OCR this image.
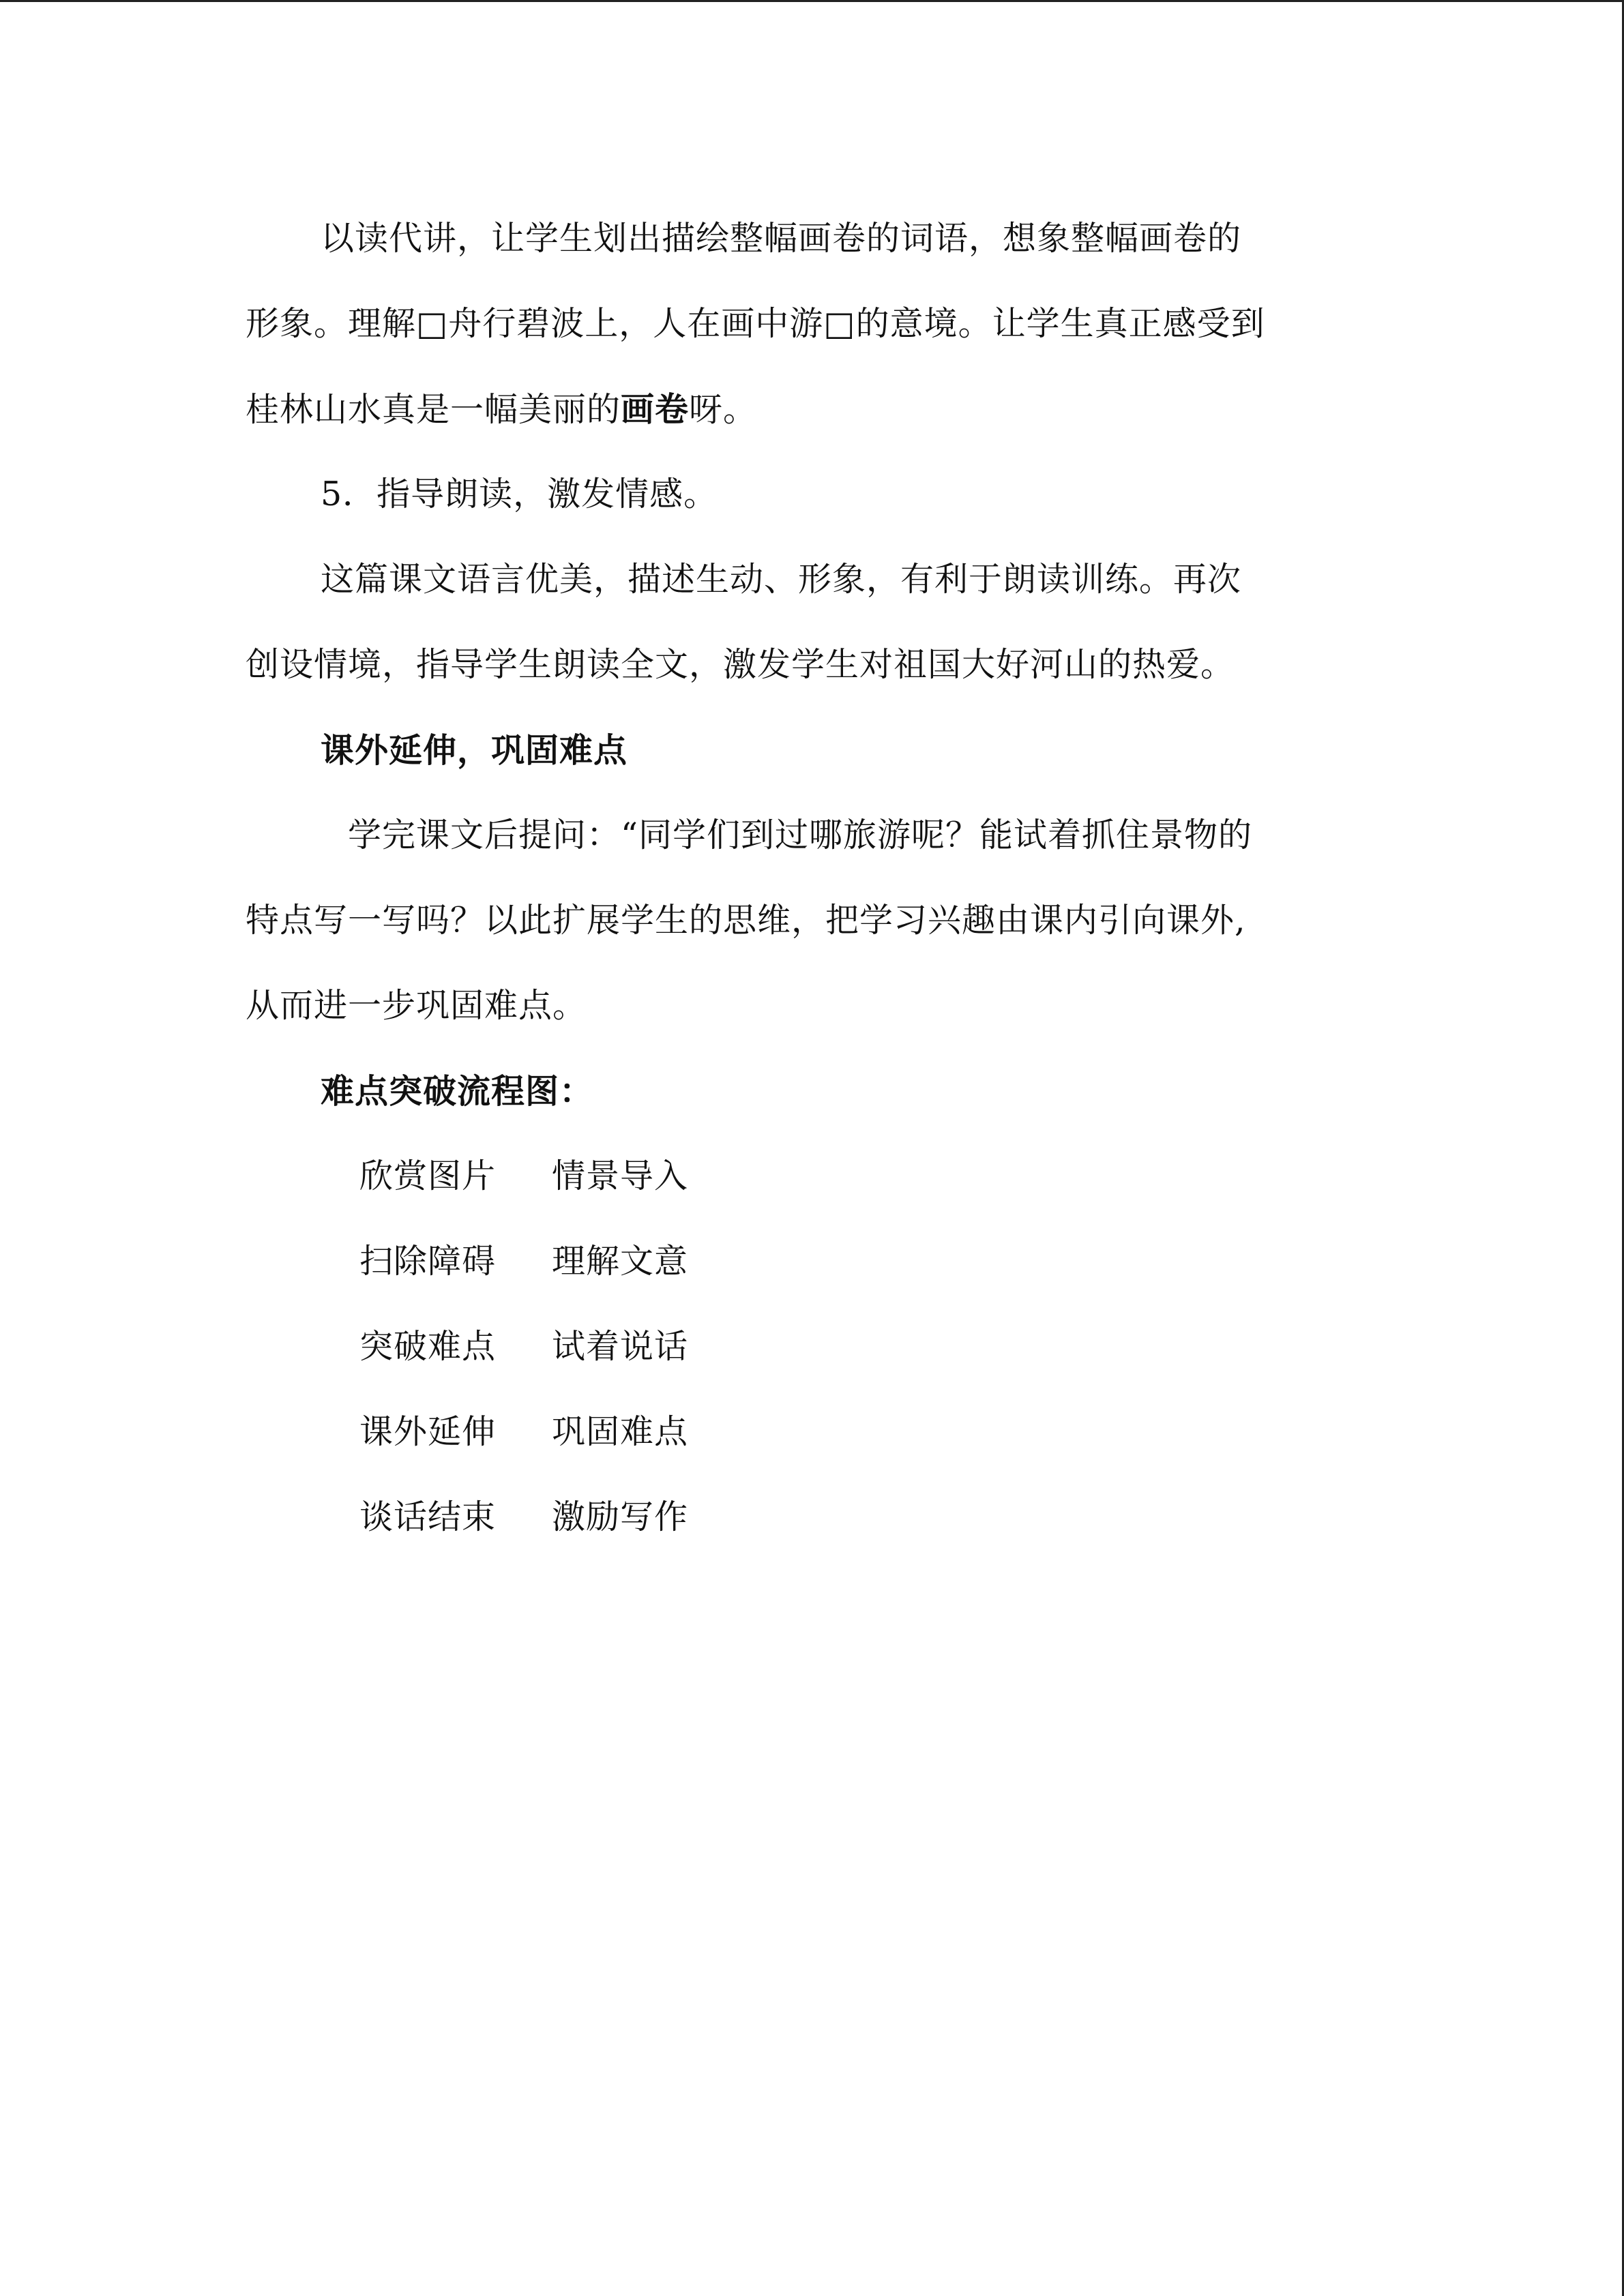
以读代讲，让学生划出描绘整幅画卷的词语，想象整幅画卷的
形象。理解□舟行碧波上，人在画中游□的意境。让学生真正感受到
桂林山水真是一幅美丽的画卷呀。
5．指导朗读，激发情感。
这篇课文语言优美，描述生动、形象，有利于朗读训练。再次
创设情境，指导学生朗读全文，激发学生对祖国大好河山的热爱。
课外延伸，巩固难点
学完课文后提问：“同学们到过哪旅游呢？能试着抓住景物的
特点写一写吗？以此扩展学生的思维，把学习兴趣由课内引向课外,
从而进一步巩固难点。
难点突破流程图：
欣赏图片 情景导入
扫除障碍 理解文意
突破难点 试着说话
课外延伸 巩固难点
谈话结束 激励写作
